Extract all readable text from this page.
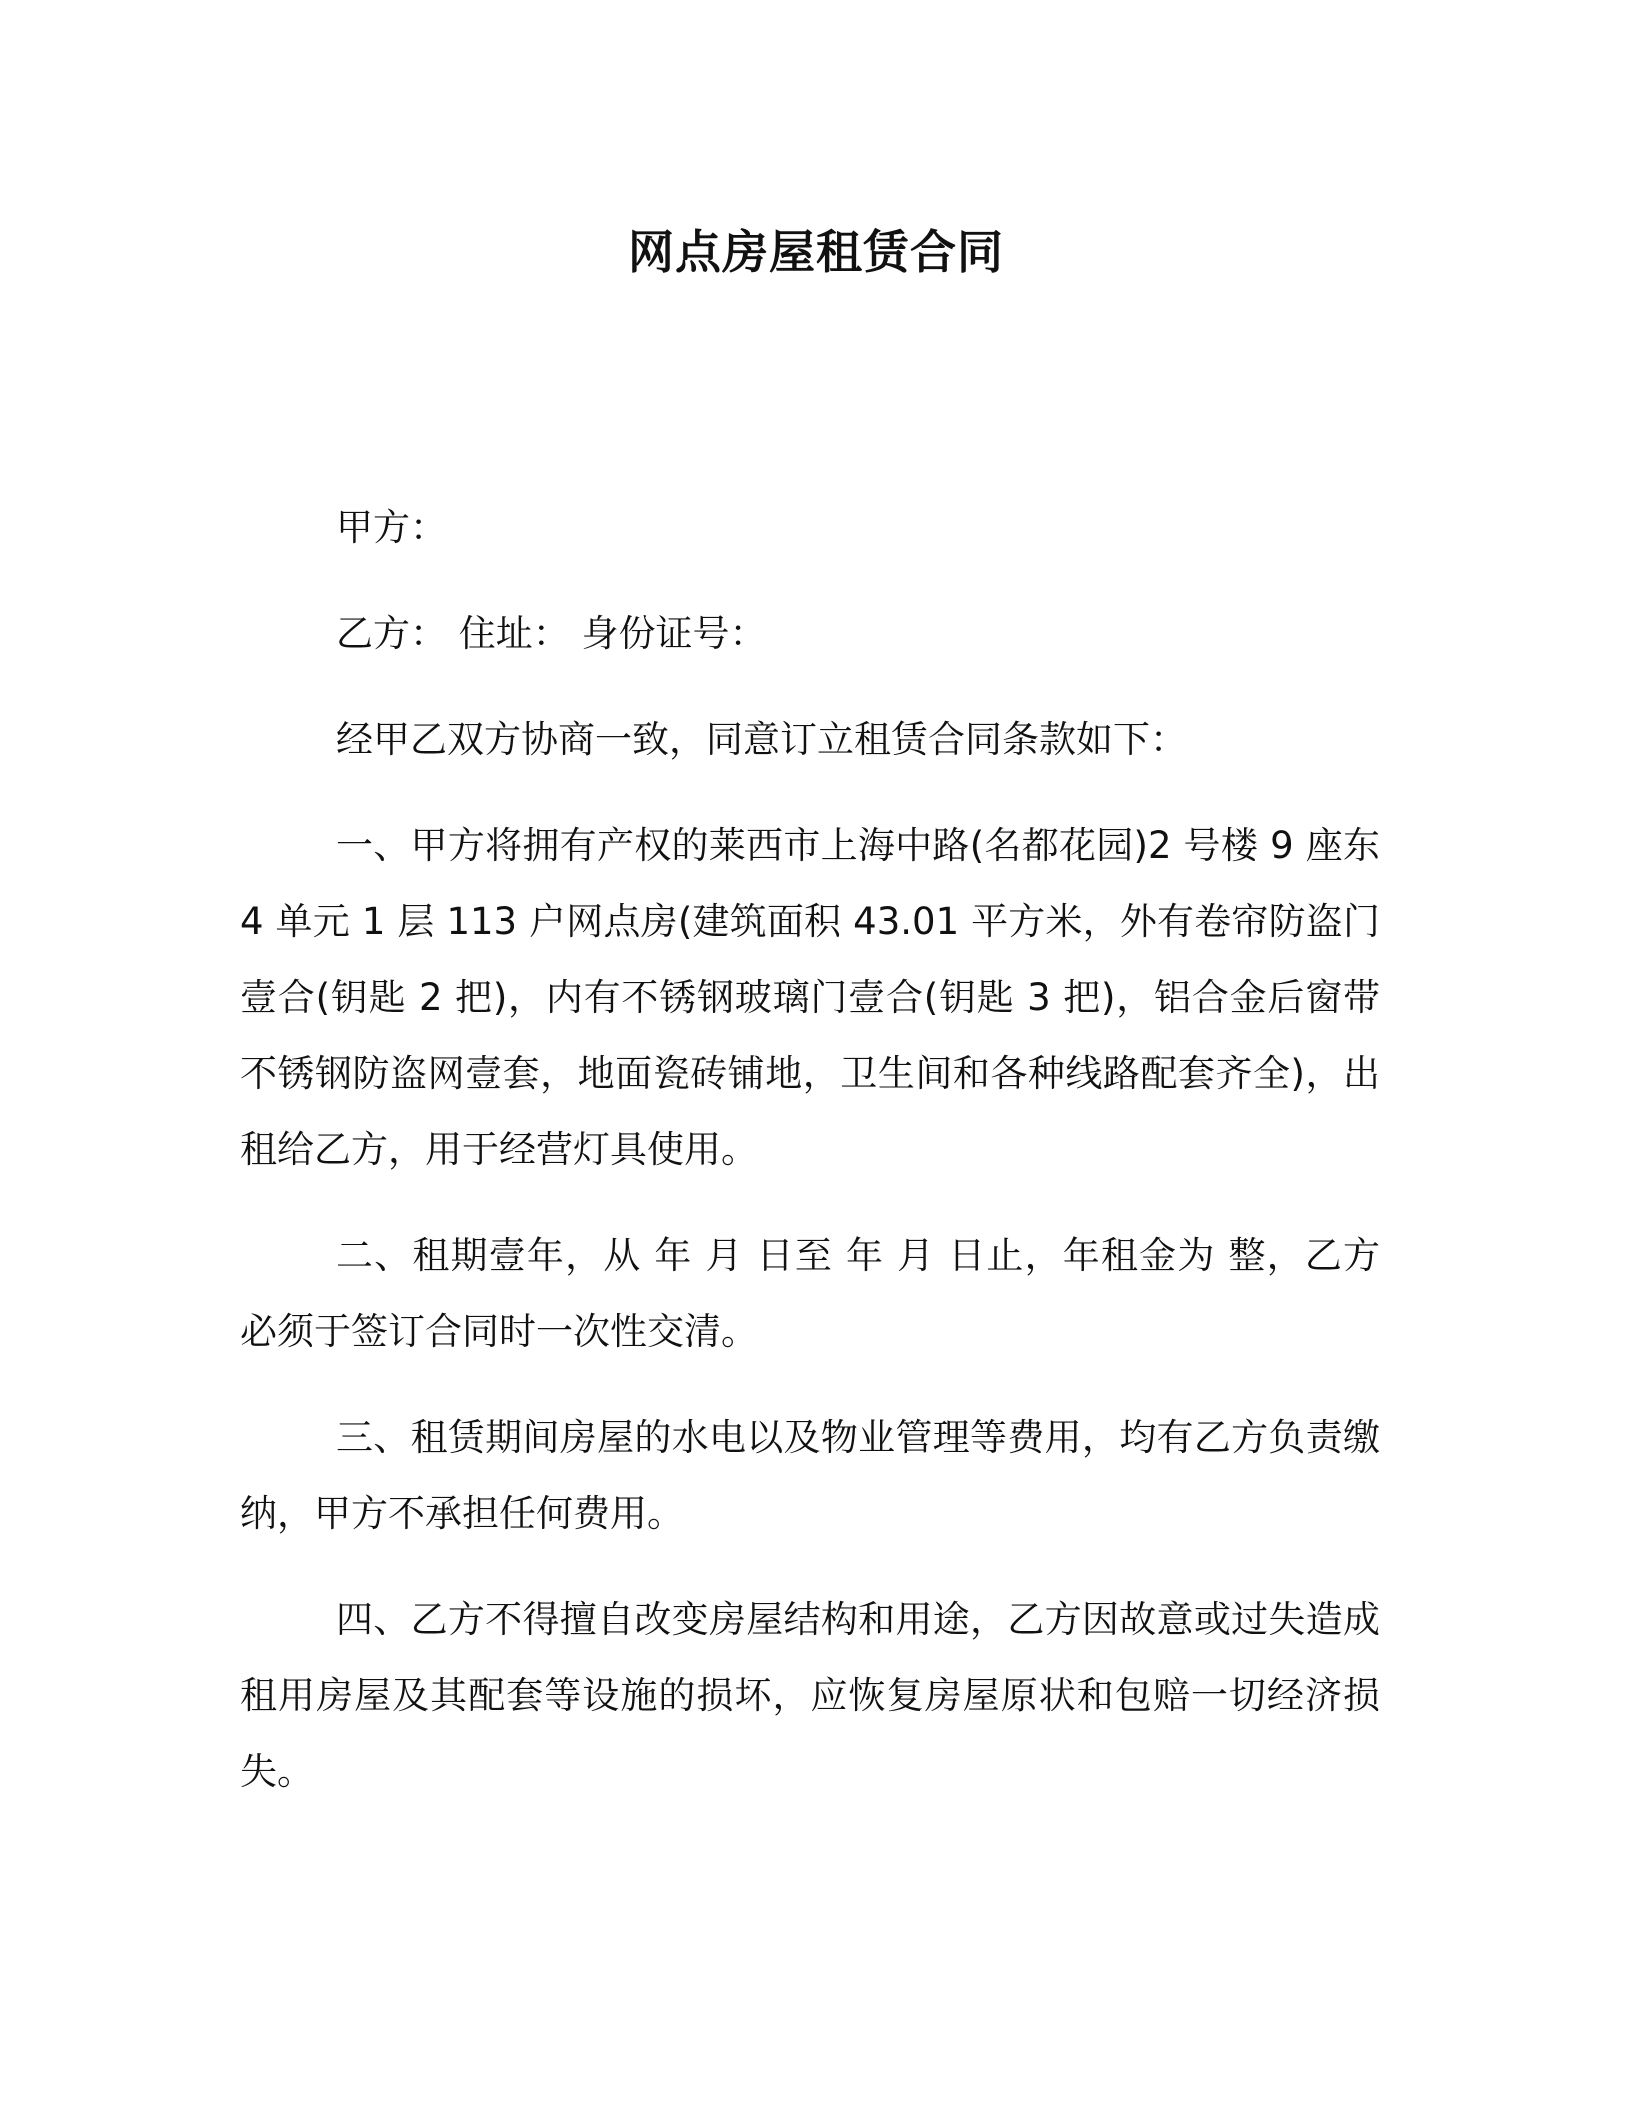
网点房屋租赁合同

甲方：

乙方： 住址： 身份证号：

经甲乙双方协商一致，同意订立租赁合同条款如下：

一、甲方将拥有产权的莱西市上海中路(名都花园)2 号楼 9 座东 4 单元 1 层 113 户网点房(建筑面积 43.01 平方米，外有卷帘防盗门壹合(钥匙 2 把)，内有不锈钢玻璃门壹合(钥匙 3 把)，铝合金后窗带不锈钢防盗网壹套，地面瓷砖铺地，卫生间和各种线路配套齐全)，出租给乙方，用于经营灯具使用。

二、租期壹年，从 年 月 日至 年 月 日止，年租金为 整，乙方必须于签订合同时一次性交清。

三、租赁期间房屋的水电以及物业管理等费用，均有乙方负责缴纳，甲方不承担任何费用。

四、乙方不得擅自改变房屋结构和用途，乙方因故意或过失造成租用房屋及其配套等设施的损坏，应恢复房屋原状和包赔一切经济损失。
